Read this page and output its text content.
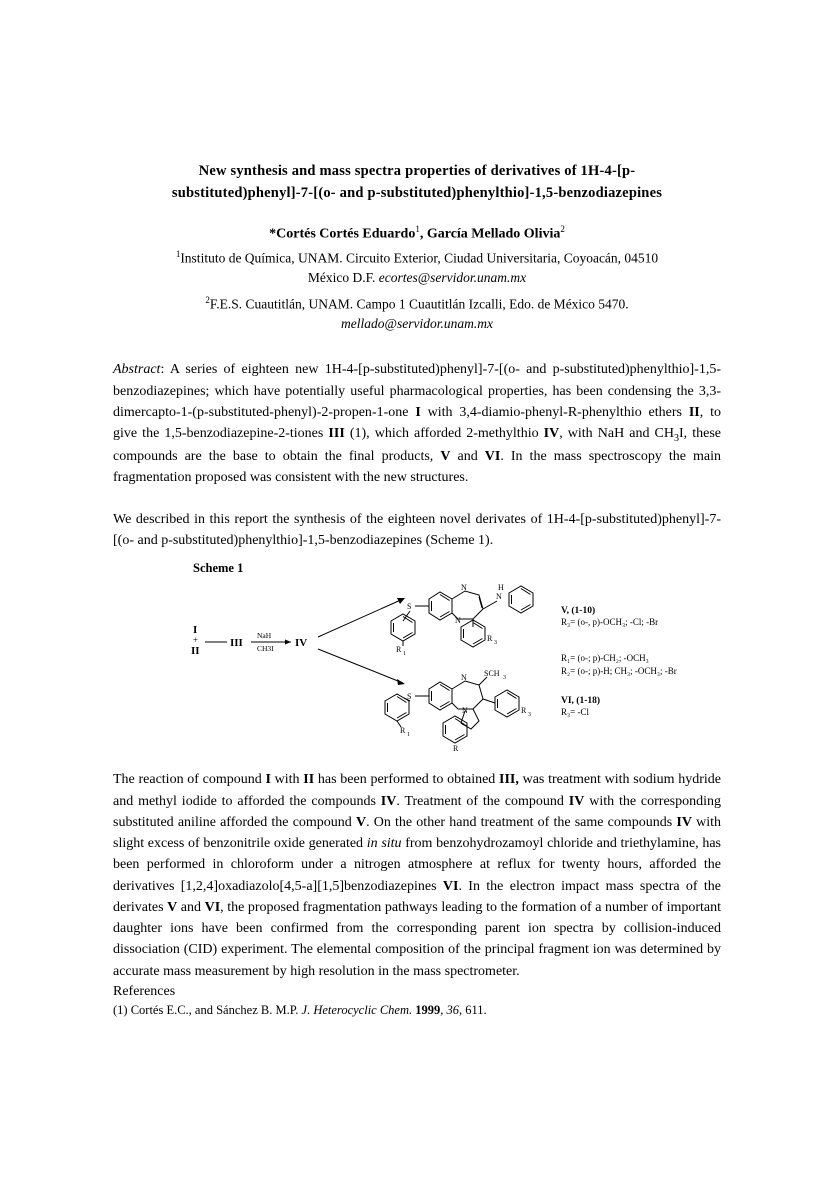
New synthesis and mass spectra properties of derivatives of 1H-4-[p-substituted)phenyl]-7-[(o- and p-substituted)phenylthio]-1,5-benzodiazepines
*Cortés Cortés Eduardo$^1$, García Mellado Olivia$^2$
$^1$Instituto de Química, UNAM. Circuito Exterior, Ciudad Universitaria, Coyoacán, 04510
México D.F. ecortes@servidor.unam.mx
$^2$F.E.S. Cuautitlán, UNAM. Campo 1 Cuautitlán Izcalli, Edo. de México 5470.
mellado@servidor.unam.mx
Abstract: A series of eighteen new 1H-4-[p-substituted)phenyl]-7-[(o- and p-substituted)phenylthio]-1,5-benzodiazepines; which have potentially useful pharmacological properties, has been condensing the 3,3-dimercapto-1-(p-substituted-phenyl)-2-propen-1-one I with 3,4-diamio-phenyl-R-phenylthio ethers II, to give the 1,5-benzodiazepine-2-tiones III (1), which afforded 2-methylthio IV, with NaH and $CH_3I$, these compounds are the base to obtain the final products, V and VI. In the mass spectroscopy the main fragmentation proposed was consistent with the new structures.
We described in this report the synthesis of the eighteen novel derivates of 1H-4-[p-substituted)phenyl]-7-[(o- and p-substituted)phenylthio]-1,5-benzodiazepines (Scheme 1).
Scheme 1
I
+
II
III
NaH
CH3I IV
N
N
N
H
S
R 1
R 3
N
N
SCH 3
S
R 1
R 3
R
V, (1-10)
R₃= (o-, p)-OCH₃; -Cl; -Br
R₁= (o-; p)-CH₂; -OCH₃
R₂= (o-; p)-H; CH₃; -OCH₃; -Br
VI, (1-18)
R₃= -Cl
The reaction of compound I with II has been performed to obtained III, was treatment with sodium hydride and methyl iodide to afforded the compounds IV. Treatment of the compound IV with the corresponding substituted aniline afforded the compound V. On the other hand treatment of the same compounds IV with slight excess of benzonitrile oxide generated in situ from benzohydrozamoyl chloride and triethylamine, has been performed in chloroform under a nitrogen atmosphere at reflux for twenty hours, afforded the derivatives [1,2,4]oxadiazolo[4,5-a][1,5]benzodiazepines VI. In the electron impact mass spectra of the derivates V and VI, the proposed fragmentation pathways leading to the formation of a number of important daughter ions have been confirmed from the corresponding parent ion spectra by collision-induced dissociation (CID) experiment. The elemental composition of the principal fragment ion was determined by accurate mass measurement by high resolution in the mass spectrometer.
References
(1) Cortés E.C., and Sánchez B. M.P. J. Heterocyclic Chem. 1999, 36, 611.
